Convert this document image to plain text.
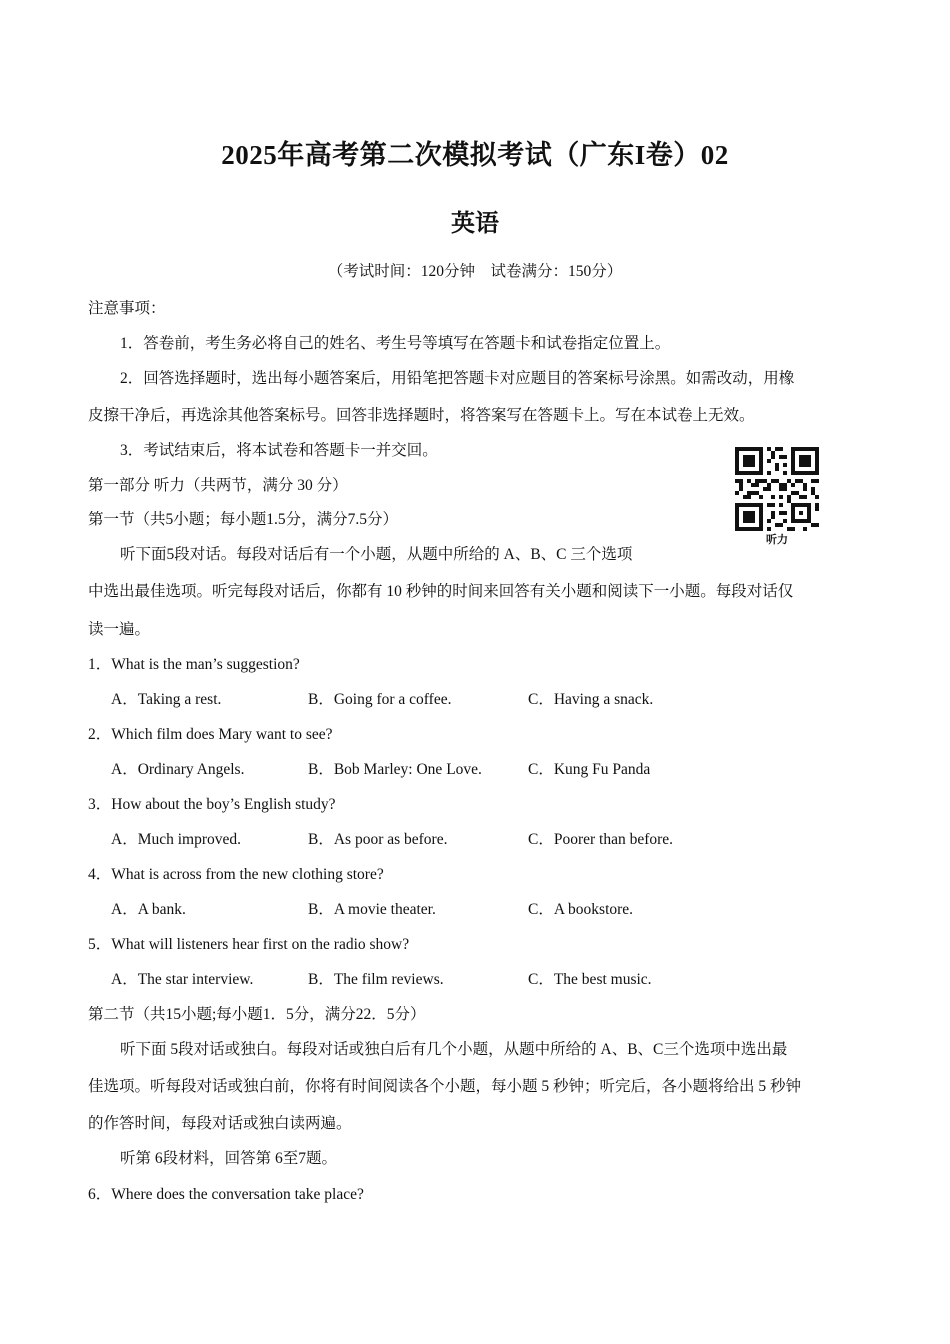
2025年高考第二次模拟考试（广东I卷）02
英语
（考试时间：120分钟　试卷满分：150分）
注意事项：
1．答卷前，考生务必将自己的姓名、考生号等填写在答题卡和试卷指定位置上。
2．回答选择题时，选出每小题答案后，用铅笔把答题卡对应题目的答案标号涂黑。如需改动，用橡
皮擦干净后，再选涂其他答案标号。回答非选择题时，将答案写在答题卡上。写在本试卷上无效。
3．考试结束后，将本试卷和答题卡一并交回。
第一部分 听力（共两节，满分 30 分）
第一节（共5小题；每小题1.5分，满分7.5分）
听下面5段对话。每段对话后有一个小题，从题中所给的 A、B、C 三个选项
中选出最佳选项。听完每段对话后，你都有 10 秒钟的时间来回答有关小题和阅读下一小题。每段对话仅
读一遍。
听力
1．What is the man’s suggestion?
A．Taking a rest.	B．Going for a coffee.	C．Having a snack.
2．Which film does Mary want to see?
A．Ordinary Angels.	B．Bob Marley: One Love.	C．Kung Fu Panda
3．How about the boy’s English study?
A．Much improved.	B．As poor as before.	C．Poorer than before.
4．What is across from the new clothing store?
A．A bank.	B．A movie theater.	C．A bookstore.
5．What will listeners hear first on the radio show?
A．The star interview.	B．The film reviews.	C．The best music.
第二节（共15小题;每小题1．5分，满分22．5分）
听下面 5段对话或独白。每段对话或独白后有几个小题，从题中所给的 A、B、C三个选项中选出最
佳选项。听每段对话或独白前，你将有时间阅读各个小题，每小题 5 秒钟；听完后，各小题将给出 5 秒钟
的作答时间，每段对话或独白读两遍。
听第 6段材料，回答第 6至7题。
6．Where does the conversation take place?
